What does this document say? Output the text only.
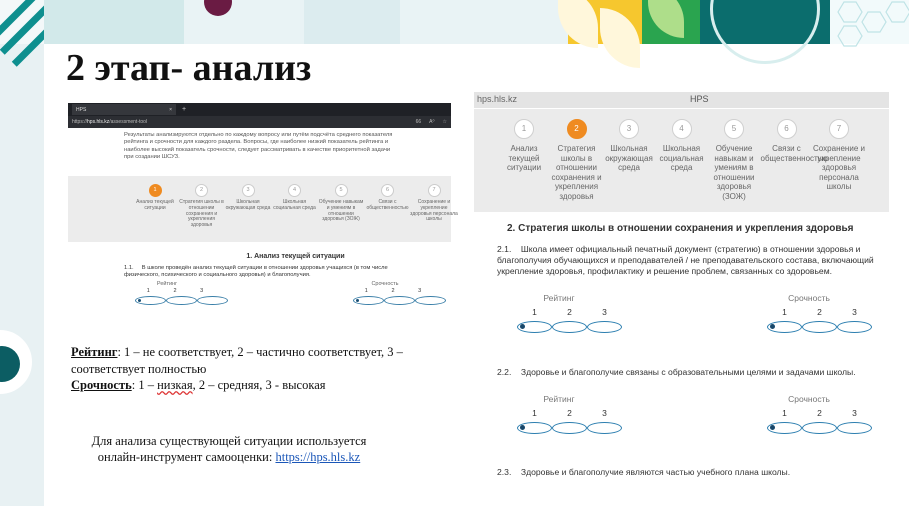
2 этап- анализ
HPS	× +
https:// hps.hls.kz /assessment-tool	66 A⁰ ☆

Результаты анализируются отдельно по каждому вопросу или путём подсчёта среднего показателя рейтинга и срочности для каждого раздела. Вопросы, где наиболее низкий показатель рейтинга и наиболее высокий показатель срочности, следует рассматривать в качестве приоритетной задачи при создании ШСУЗ.

1
Анализ текущей ситуации
2
Стратегия школы в отношении сохранения и укрепления здоровья
3
Школьная окружающая среда
4
Школьная социальная среда
5
Обучение навыкам и умениям в отношении здоровья (ЗОЖ)
6
Связи с общественностью
7
Сохранение и укрепление здоровья персонала школы
1. Анализ текущей ситуации
1.1. В школе проведён анализ текущей ситуации в отношении здоровья учащихся (в том числе физического, психического и социального здоровья) и благополучия.
Рейтинг
1	2	3
Срочность
1	2	3
hps.hls.kz	HPS
1
Анализ текущей ситуации
2
Стратегия школы в отношении сохранения и укрепления здоровья
3
Школьная окружающая среда
4
Школьная социальная среда
5
Обучение навыкам и умениям в отношении здоровья (ЗОЖ)
6
Связи с общественностью
7
Сохранение и укрепление здоровья персонала школы
2. Стратегия школы в отношении сохранения и укрепления здоровья
2.1. Школа имеет официальный печатный документ (стратегию) в отношении здоровья и благополучия обучающихся и преподавателей / не преподавательского состава, включающий укрепление здоровья, профилактику и решение проблем, связанных со здоровьем.
2.2. Здоровье и благополучие связаны с образовательными целями и задачами школы.
2.3. Здоровье и благополучие являются частью учебного плана школы.
Рейтинг
1	2	3
Срочность
1	2	3
Рейтинг
1	2	3
Срочность
1	2	3
Рейтинг: 1 – не соответствует, 2 – частично соответствует, 3 – соответствует полностью
Срочность: 1 – низкая, 2 – средняя, 3 - высокая
Для анализа существующей ситуации используется онлайн-инструмент самооценки: https://hps.hls.kz
